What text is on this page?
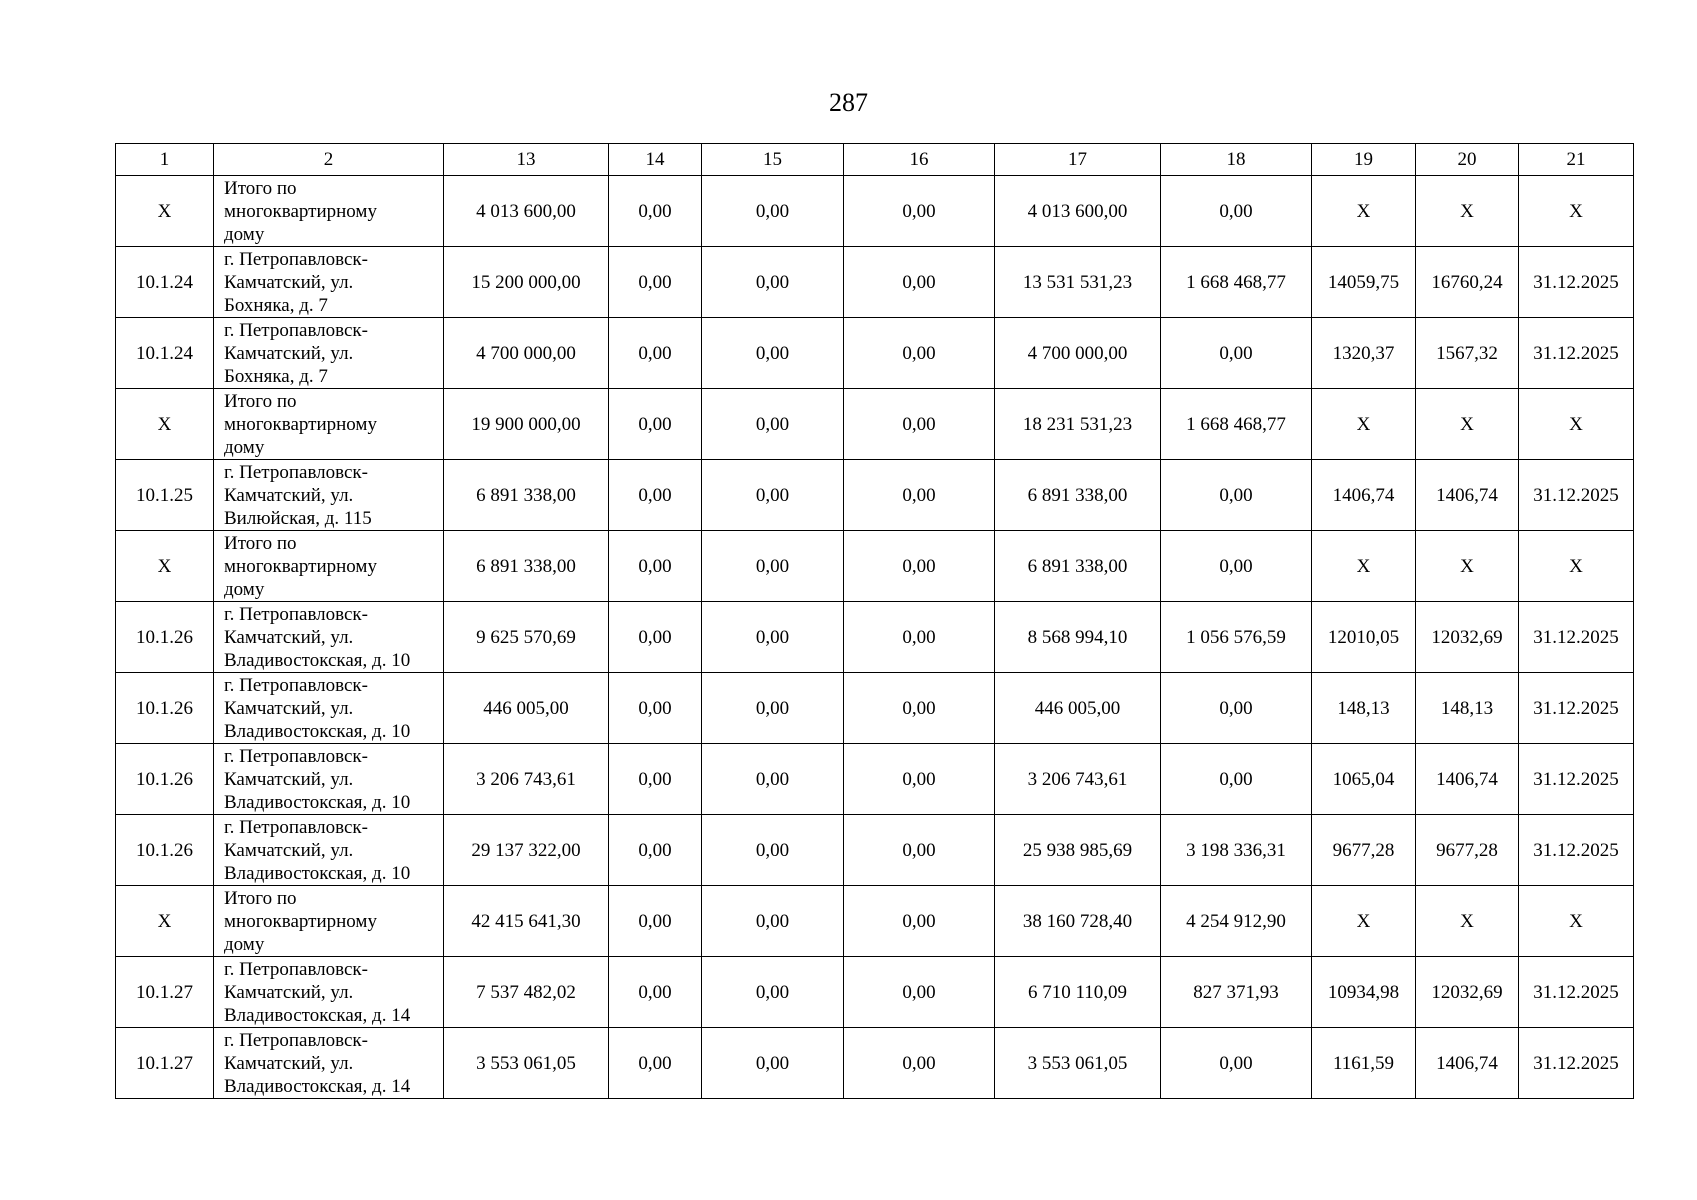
287
1	2	13	14	15	16	17	18	19	20	21
X	Итого по
многоквартирному
дому	4 013 600,00	0,00	0,00	0,00	4 013 600,00	0,00	X	X	X
10.1.24	г. Петропавловск-
Камчатский, ул.
Бохняка, д. 7	15 200 000,00	0,00	0,00	0,00	13 531 531,23	1 668 468,77	14059,75	16760,24	31.12.2025
10.1.24	г. Петропавловск-
Камчатский, ул.
Бохняка, д. 7	4 700 000,00	0,00	0,00	0,00	4 700 000,00	0,00	1320,37	1567,32	31.12.2025
X	Итого по
многоквартирному
дому	19 900 000,00	0,00	0,00	0,00	18 231 531,23	1 668 468,77	X	X	X
10.1.25	г. Петропавловск-
Камчатский, ул.
Вилюйская, д. 115	6 891 338,00	0,00	0,00	0,00	6 891 338,00	0,00	1406,74	1406,74	31.12.2025
X	Итого по
многоквартирному
дому	6 891 338,00	0,00	0,00	0,00	6 891 338,00	0,00	X	X	X
10.1.26	г. Петропавловск-
Камчатский, ул.
Владивостокская, д. 10	9 625 570,69	0,00	0,00	0,00	8 568 994,10	1 056 576,59	12010,05	12032,69	31.12.2025
10.1.26	г. Петропавловск-
Камчатский, ул.
Владивостокская, д. 10	446 005,00	0,00	0,00	0,00	446 005,00	0,00	148,13	148,13	31.12.2025
10.1.26	г. Петропавловск-
Камчатский, ул.
Владивостокская, д. 10	3 206 743,61	0,00	0,00	0,00	3 206 743,61	0,00	1065,04	1406,74	31.12.2025
10.1.26	г. Петропавловск-
Камчатский, ул.
Владивостокская, д. 10	29 137 322,00	0,00	0,00	0,00	25 938 985,69	3 198 336,31	9677,28	9677,28	31.12.2025
X	Итого по
многоквартирному
дому	42 415 641,30	0,00	0,00	0,00	38 160 728,40	4 254 912,90	X	X	X
10.1.27	г. Петропавловск-
Камчатский, ул.
Владивостокская, д. 14	7 537 482,02	0,00	0,00	0,00	6 710 110,09	827 371,93	10934,98	12032,69	31.12.2025
10.1.27	г. Петропавловск-
Камчатский, ул.
Владивостокская, д. 14	3 553 061,05	0,00	0,00	0,00	3 553 061,05	0,00	1161,59	1406,74	31.12.2025
